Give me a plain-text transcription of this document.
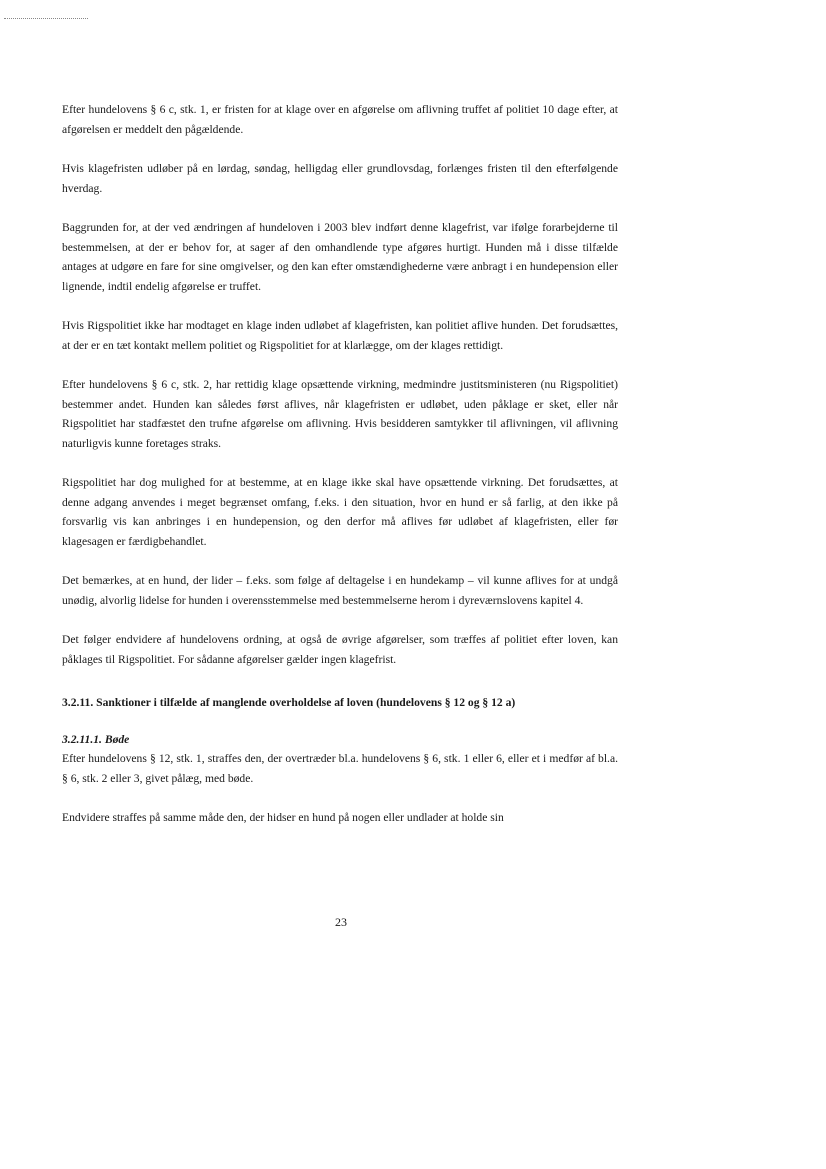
Efter hundelovens § 6 c, stk. 1, er fristen for at klage over en afgørelse om aflivning truffet af politiet 10 dage efter, at afgørelsen er meddelt den pågældende.

Hvis klagefristen udløber på en lørdag, søndag, helligdag eller grundlovsdag, forlænges fristen til den efterfølgende hverdag.

Baggrunden for, at der ved ændringen af hundeloven i 2003 blev indført denne klagefrist, var ifølge forarbejderne til bestemmelsen, at der er behov for, at sager af den omhandlende type afgøres hurtigt. Hunden må i disse tilfælde antages at udgøre en fare for sine omgivelser, og den kan efter omstændighederne være anbragt i en hundepension eller lignende, indtil endelig afgørelse er truffet.

Hvis Rigspolitiet ikke har modtaget en klage inden udløbet af klagefristen, kan politiet aflive hunden. Det forudsættes, at der er en tæt kontakt mellem politiet og Rigspolitiet for at klarlægge, om der klages rettidigt.

Efter hundelovens § 6 c, stk. 2, har rettidig klage opsættende virkning, medmindre justitsministeren (nu Rigspolitiet) bestemmer andet. Hunden kan således først aflives, når klagefristen er udløbet, uden påklage er sket, eller når Rigspolitiet har stadfæstet den trufne afgørelse om aflivning. Hvis besidderen samtykker til aflivningen, vil aflivning naturligvis kunne foretages straks.

Rigspolitiet har dog mulighed for at bestemme, at en klage ikke skal have opsættende virkning. Det forudsættes, at denne adgang anvendes i meget begrænset omfang, f.eks. i den situation, hvor en hund er så farlig, at den ikke på forsvarlig vis kan anbringes i en hundepension, og den derfor må aflives før udløbet af klagefristen, eller før klagesagen er færdigbehandlet.

Det bemærkes, at en hund, der lider – f.eks. som følge af deltagelse i en hundekamp – vil kunne aflives for at undgå unødig, alvorlig lidelse for hunden i overensstemmelse med bestemmelserne herom i dyreværnslovens kapitel 4.

Det følger endvidere af hundelovens ordning, at også de øvrige afgørelser, som træffes af politiet efter loven, kan påklages til Rigspolitiet. For sådanne afgørelser gælder ingen klagefrist.

3.2.11. Sanktioner i tilfælde af manglende overholdelse af loven (hundelovens § 12 og § 12 a)
3.2.11.1. Bøde

Efter hundelovens § 12, stk. 1, straffes den, der overtræder bl.a. hundelovens § 6, stk. 1 eller 6, eller et i medfør af bl.a. § 6, stk. 2 eller 3, givet pålæg, med bøde.

Endvidere straffes på samme måde den, der hidser en hund på nogen eller undlader at holde sin

23
